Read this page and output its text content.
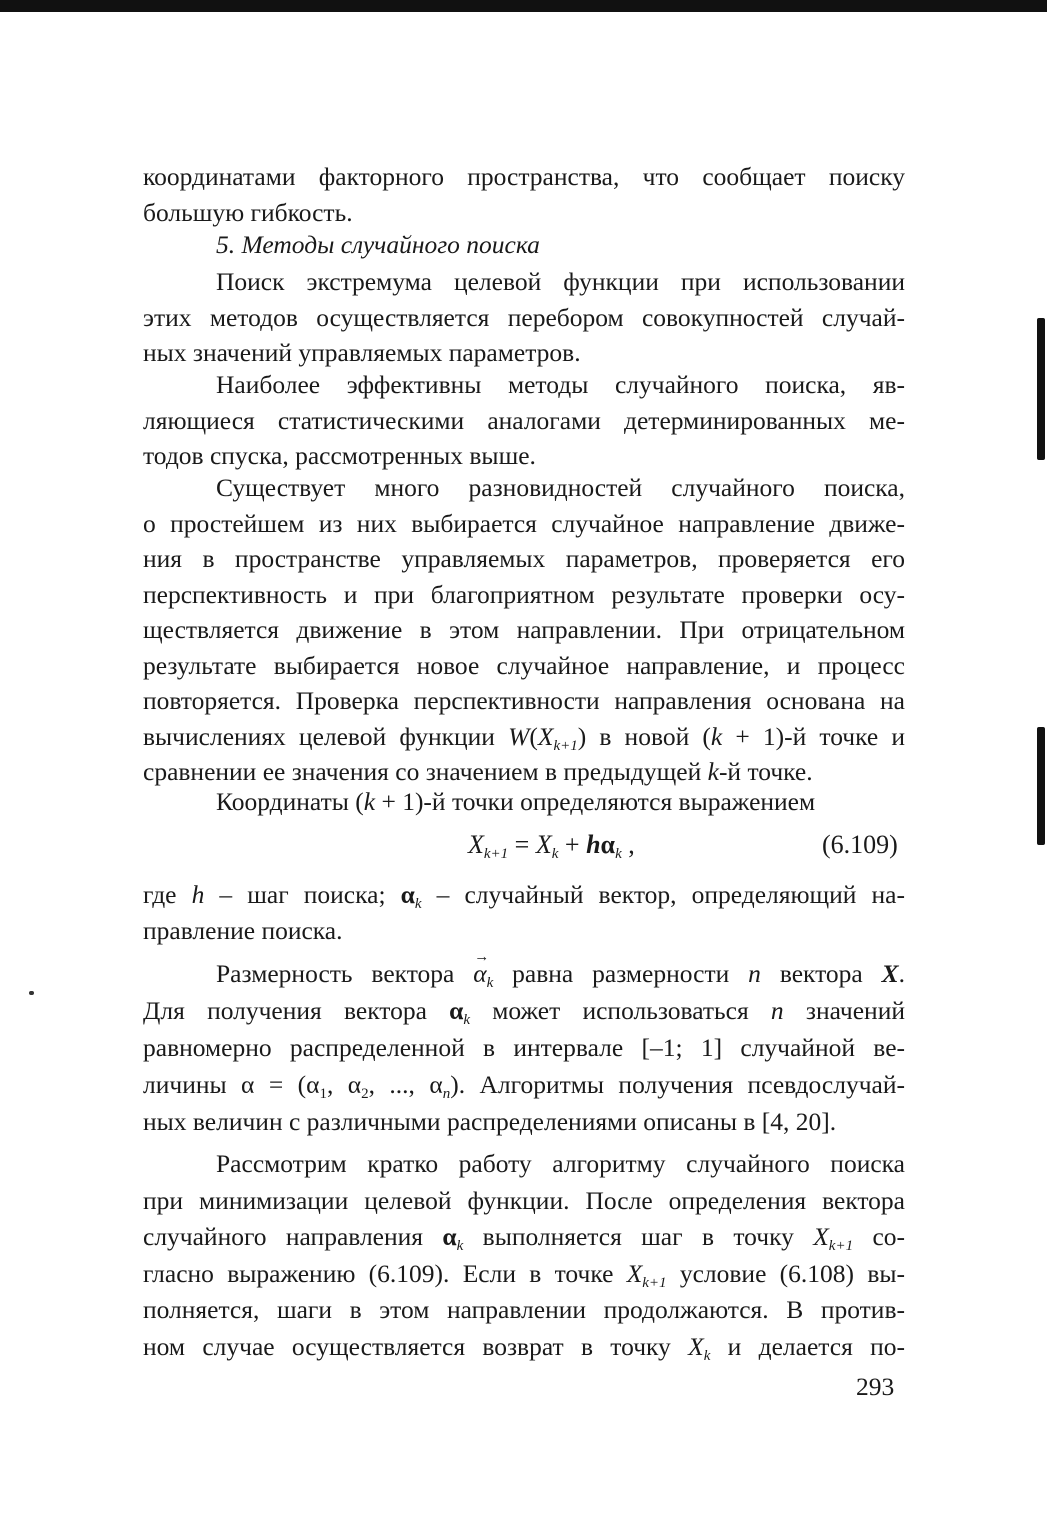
координатами факторного пространства, что сообщает поиску
большую гибкость.
5. Методы случайного поиска
Поиск экстремума целевой функции при использовании
этих методов осуществляется перебором совокупностей случай-
ных значений управляемых параметров.
Наиболее эффективны методы случайного поиска, яв-
ляющиеся статистическими аналогами детерминированных ме-
тодов спуска, рассмотренных выше.
Существует много разновидностей случайного поиска,
о простейшем из них выбирается случайное направление движе-
ния в пространстве управляемых параметров, проверяется его
перспективность и при благоприятном результате проверки осу-
ществляется движение в этом направлении. При отрицательном
результате выбирается новое случайное направление, и процесс
повторяется. Проверка перспективности направления основана на
вычислениях целевой функции $W(X_{k+1})$ в новой (k + 1)-й точке и
сравнении ее значения со значением в предыдущей k-й точке.
Координаты (k + 1)-й точки определяются выражением
$X_{k+1} = X_k + h\alpha_k$ ,	(6.109)
где h – шаг поиска; $\alpha_k$ – случайный вектор, определяющий на-
правление поиска.
Размерность вектора → $\alpha_k$ равна размерности n вектора X.
Для получения вектора $\alpha_k$ может использоваться n значений
равномерно распределенной в интервале [–1; 1] случайной ве-
личины $\alpha = (\alpha_1$, $\alpha_2$, ..., $\alpha_n$). Алгоритмы получения псевдослучай-
ных величин с различными распределениями описаны в [4, 20].
Рассмотрим кратко работу алгоритму случайного поиска
при минимизации целевой функции. После определения вектора
случайного направления $\alpha_k$ выполняется шаг в точку $X_{k+1}$ со-
гласно выражению (6.109). Если в точке $X_{k+1}$ условие (6.108) вы-
полняется, шаги в этом направлении продолжаются. В против-
ном случае осуществляется возврат в точку $X_k$ и делается по-
293
